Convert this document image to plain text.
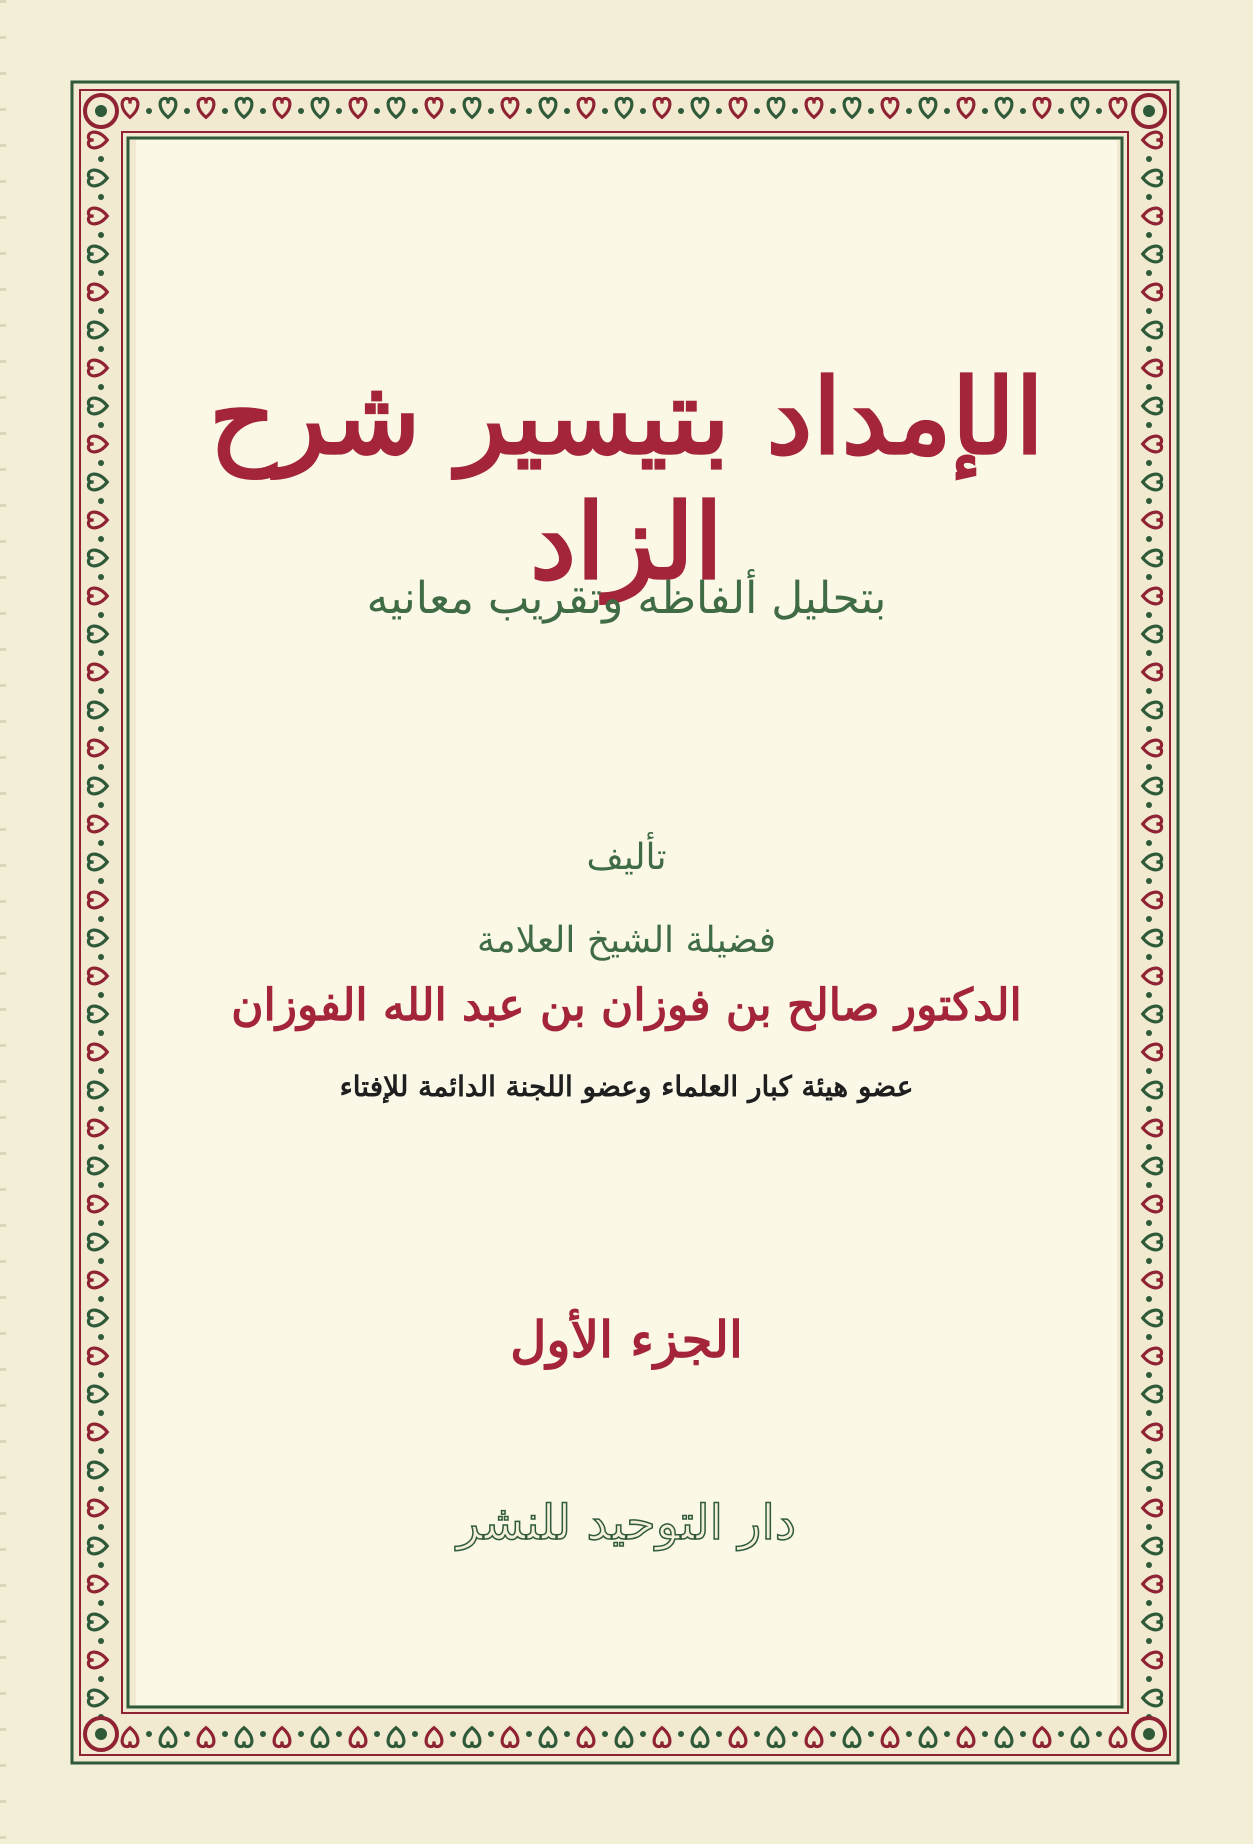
الإمداد بتيسير شرح الزاد
بتحليل ألفاظه وتقريب معانيه
تأليف
فضيلة الشيخ العلامة
الدكتور صالح بن فوزان بن عبد الله الفوزان
عضو هيئة كبار العلماء وعضو اللجنة الدائمة للإفتاء
الجزء الأول
دار التوحيد للنشر
